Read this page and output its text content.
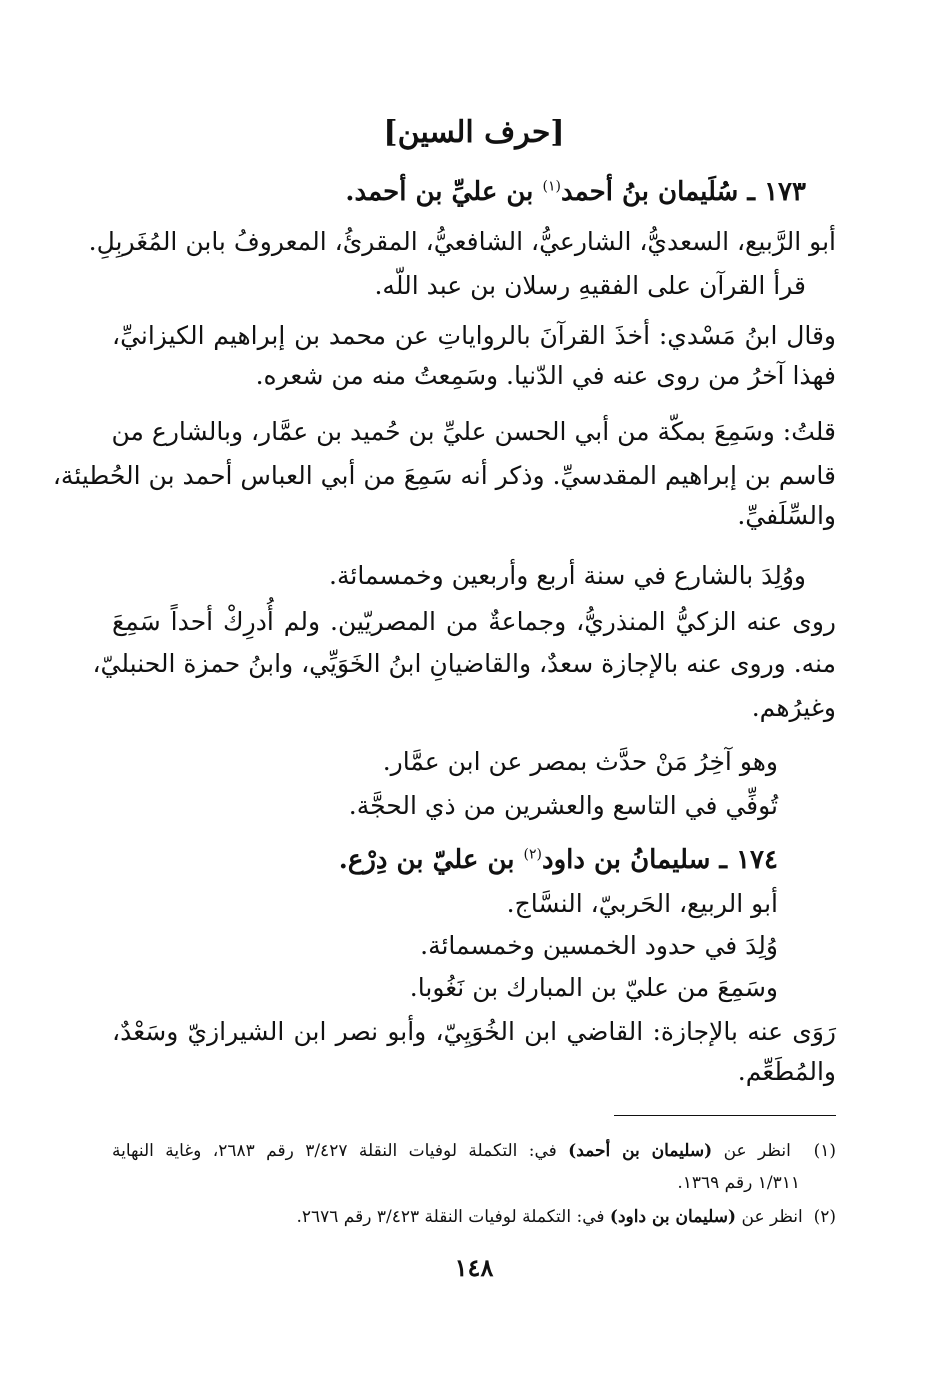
[حرف السين]
١٧٣ ـ سُلَيمان بنُ أحمد$^{(١)}$ بن عليِّ بن أحمد.
أبو الرَّبيع، السعديُّ، الشارعيُّ، الشافعيُّ، المقرئُ، المعروفُ بابن المُغَربِلِ.
قرأ القرآن على الفقيهِ رسلان بن عبد اللّه.
وقال ابنُ مَسْدي: أخذَ القرآنَ بالرواياتِ عن محمد بن إبراهيم الكيزانيِّ،
فهذا آخرُ من روى عنه في الدّنيا. وسَمِعتُ منه من شعره.
قلتُ: وسَمِعَ بمكّة من أبي الحسن عليِّ بن حُميد بن عمَّار، وبالشارع من
قاسم بن إبراهيم المقدسيِّ. وذكر أنه سَمِعَ من أبي العباس أحمد بن الحُطيئة،
والسِّلَفيِّ.
ووُلِدَ بالشارع في سنة أربع وأربعين وخمسمائة.
روى عنه الزكيُّ المنذريُّ، وجماعةٌ من المصريّين. ولم أُدرِكْ أحداً سَمِعَ
منه. وروى عنه بالإجازة سعدٌ، والقاضيانِ ابنُ الخَوَيِّي، وابنُ حمزة الحنبليّ،
وغيرُهم.
وهو آخِرُ مَنْ حدَّث بمصر عن ابن عمَّار.
تُوفِّي في التاسع والعشرين من ذي الحجَّة.
١٧٤ ـ سليمانُ بن داود$^{(٢)}$ بن عليّ بن دِرْع.
أبو الربيع، الحَربيّ، النسَّاج.
وُلِدَ في حدود الخمسين وخمسمائة.
وسَمِعَ من عليّ بن المبارك بن نَغُوبا.
رَوَى عنه بالإجازة: القاضي ابن الخُوَيِيّ، وأبو نصر ابن الشيرازيّ وسَعْدٌ،
والمُطَعِّم.
(١)  انظر عن (سليمان بن أحمد) في: التكملة لوفيات النقلة ٣/٤٢٧ رقم ٢٦٨٣، وغاية النهاية
١/٣١١ رقم ١٣٦٩.
(٢)  انظر عن (سليمان بن داود) في: التكملة لوفيات النقلة ٣/٤٢٣ رقم ٢٦٧٦.
١٤٨
